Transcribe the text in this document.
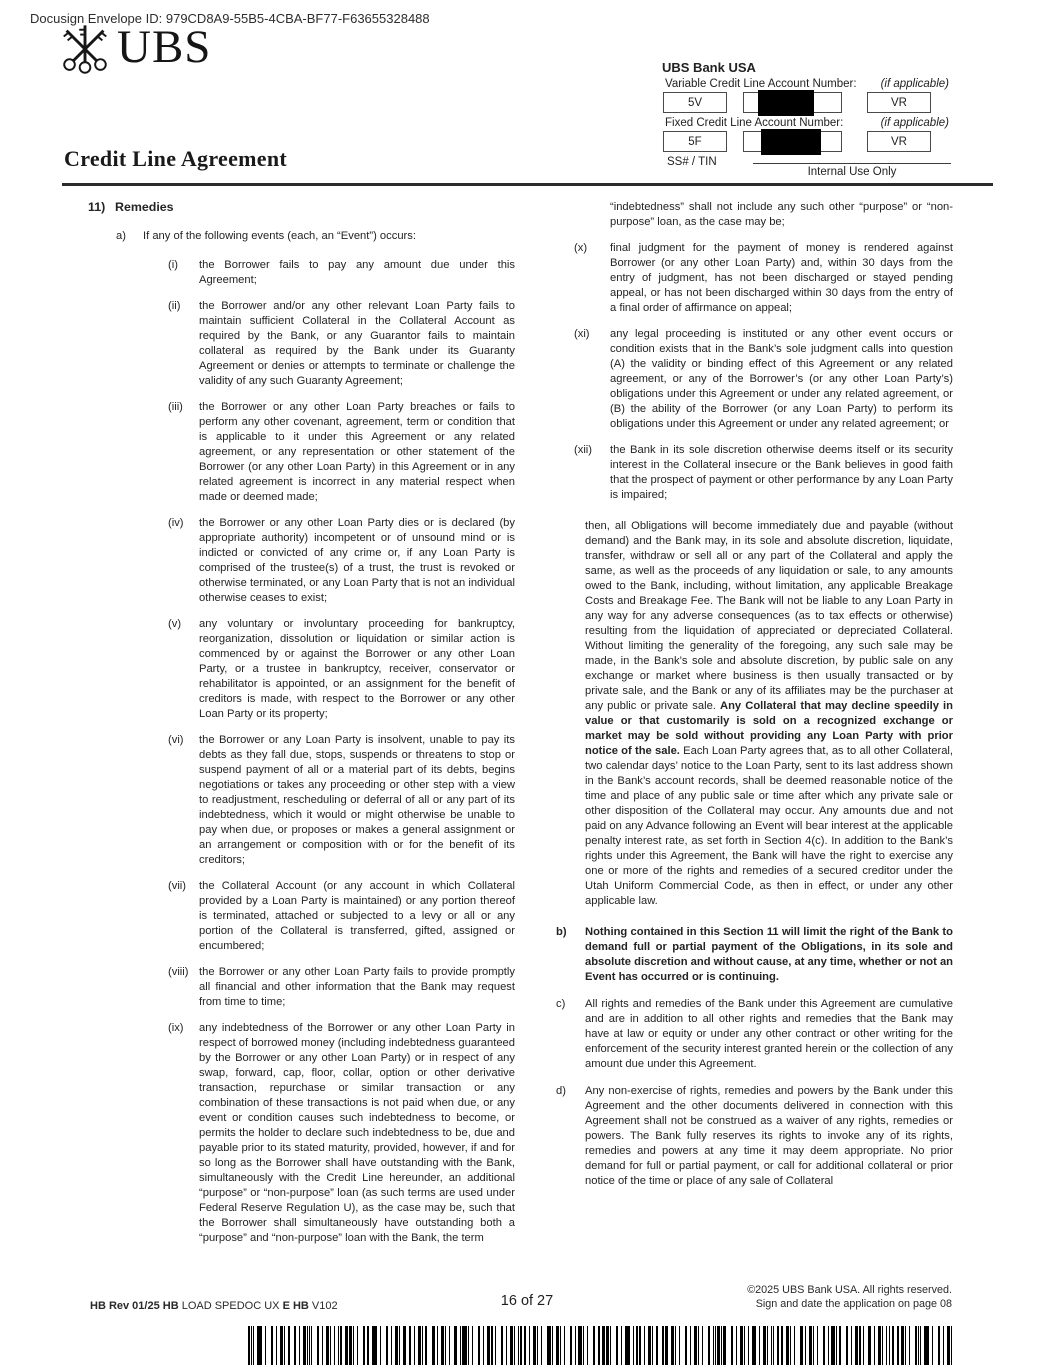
Docusign Envelope ID: 979CD8A9-55B5-4CBA-BF77-F63655328488
UBS
Credit Line Agreement
UBS Bank USA
Variable Credit Line Account Number: (if applicable)
5V	VR
Fixed Credit Line Account Number:	(if applicable)
5F	VR
SS# / TIN
Internal Use Only
11) Remedies
a)	If any of the following events (each, an “Event”) occurs:
(i)	the Borrower fails to pay any amount due under this Agreement;
(ii)	the Borrower and/or any other relevant Loan Party fails to maintain sufficient Collateral in the Collateral Account as required by the Bank, or any Guarantor fails to maintain collateral as required by the Bank under its Guaranty Agreement or denies or attempts to terminate or challenge the validity of any such Guaranty Agreement;
(iii)	the Borrower or any other Loan Party breaches or fails to perform any other covenant, agreement, term or condition that is applicable to it under this Agreement or any related agreement, or any representation or other statement of the Borrower (or any other Loan Party) in this Agreement or in any related agreement is incorrect in any material respect when made or deemed made;
(iv)	the Borrower or any other Loan Party dies or is declared (by appropriate authority) incompetent or of unsound mind or is indicted or convicted of any crime or, if any Loan Party is comprised of the trustee(s) of a trust, the trust is revoked or otherwise terminated, or any Loan Party that is not an individual otherwise ceases to exist;
(v)	any voluntary or involuntary proceeding for bankruptcy, reorganization, dissolution or liquidation or similar action is commenced by or against the Borrower or any other Loan Party, or a trustee in bankruptcy, receiver, conservator or rehabilitator is appointed, or an assignment for the benefit of creditors is made, with respect to the Borrower or any other Loan Party or its property;
(vi)	the Borrower or any Loan Party is insolvent, unable to pay its debts as they fall due, stops, suspends or threatens to stop or suspend payment of all or a material part of its debts, begins negotiations or takes any proceeding or other step with a view to readjustment, rescheduling or deferral of all or any part of its indebtedness, which it would or might otherwise be unable to pay when due, or proposes or makes a general assignment or an arrangement or composition with or for the benefit of its creditors;
(vii)	the Collateral Account (or any account in which Collateral provided by a Loan Party is maintained) or any portion thereof is terminated, attached or subjected to a levy or all or any portion of the Collateral is transferred, gifted, assigned or encumbered;
(viii) the Borrower or any other Loan Party fails to provide promptly all financial and other information that the Bank may request from time to time;
(ix)	any indebtedness of the Borrower or any other Loan Party in respect of borrowed money (including indebtedness guaranteed by the Borrower or any other Loan Party) or in respect of any swap, forward, cap, floor, collar, option or other derivative transaction, repurchase or similar transaction or any combination of these transactions is not paid when due, or any event or condition causes such indebtedness to become, or permits the holder to declare such indebtedness to be, due and payable prior to its stated maturity, provided, however, if and for so long as the Borrower shall have outstanding with the Bank, simultaneously with the Credit Line hereunder, an additional “purpose” or “non-purpose” loan (as such terms are used under Federal Reserve Regulation U), as the case may be, such that the Borrower shall simultaneously have outstanding both a “purpose” and “non-purpose” loan with the Bank, the term
“indebtedness” shall not include any such other “purpose” or “non-purpose” loan, as the case may be;
(x)	final judgment for the payment of money is rendered against Borrower (or any other Loan Party) and, within 30 days from the entry of judgment, has not been discharged or stayed pending appeal, or has not been discharged within 30 days from the entry of a final order of affirmance on appeal;
(xi)	any legal proceeding is instituted or any other event occurs or condition exists that in the Bank’s sole judgment calls into question (A) the validity or binding effect of this Agreement or any related agreement, or any of the Borrower’s (or any other Loan Party’s) obligations under this Agreement or under any related agreement, or (B) the ability of the Borrower (or any Loan Party) to perform its obligations under this Agreement or under any related agreement; or
(xii)	the Bank in its sole discretion otherwise deems itself or its security interest in the Collateral insecure or the Bank believes in good faith that the prospect of payment or other performance by any Loan Party is impaired;
then, all Obligations will become immediately due and payable (without demand) and the Bank may, in its sole and absolute discretion, liquidate, transfer, withdraw or sell all or any part of the Collateral and apply the same, as well as the proceeds of any liquidation or sale, to any amounts owed to the Bank, including, without limitation, any applicable Breakage Costs and Breakage Fee. The Bank will not be liable to any Loan Party in any way for any adverse consequences (as to tax effects or otherwise) resulting from the liquidation of appreciated or depreciated Collateral. Without limiting the generality of the foregoing, any such sale may be made, in the Bank’s sole and absolute discretion, by public sale on any exchange or market where business is then usually transacted or by private sale, and the Bank or any of its affiliates may be the purchaser at any public or private sale. Any Collateral that may decline speedily in value or that customarily is sold on a recognized exchange or market may be sold without providing any Loan Party with prior notice of the sale. Each Loan Party agrees that, as to all other Collateral, two calendar days’ notice to the Loan Party, sent to its last address shown in the Bank’s account records, shall be deemed reasonable notice of the time and place of any public sale or time after which any private sale or other disposition of the Collateral may occur. Any amounts due and not paid on any Advance following an Event will bear interest at the applicable penalty interest rate, as set forth in Section 4(c). In addition to the Bank’s rights under this Agreement, the Bank will have the right to exercise any one or more of the rights and remedies of a secured creditor under the Utah Uniform Commercial Code, as then in effect, or under any other applicable law.
b)	Nothing contained in this Section 11 will limit the right of the Bank to demand full or partial payment of the Obligations, in its sole and absolute discretion and without cause, at any time, whether or not an Event has occurred or is continuing.
c)	All rights and remedies of the Bank under this Agreement are cumulative and are in addition to all other rights and remedies that the Bank may have at law or equity or under any other contract or other writing for the enforcement of the security interest granted herein or the collection of any amount due under this Agreement.
d)	Any non-exercise of rights, remedies and powers by the Bank under this Agreement and the other documents delivered in connection with this Agreement shall not be construed as a waiver of any rights, remedies or powers. The Bank fully reserves its rights to invoke any of its rights, remedies and powers at any time it may deem appropriate. No prior demand for full or partial payment, or call for additional collateral or prior notice of the time or place of any sale of Collateral
HB Rev 01/25 HB LOAD SPEDOC UX E HB V102	16 of 27
©2025 UBS Bank USA. All rights reserved.
Sign and date the application on page 08
